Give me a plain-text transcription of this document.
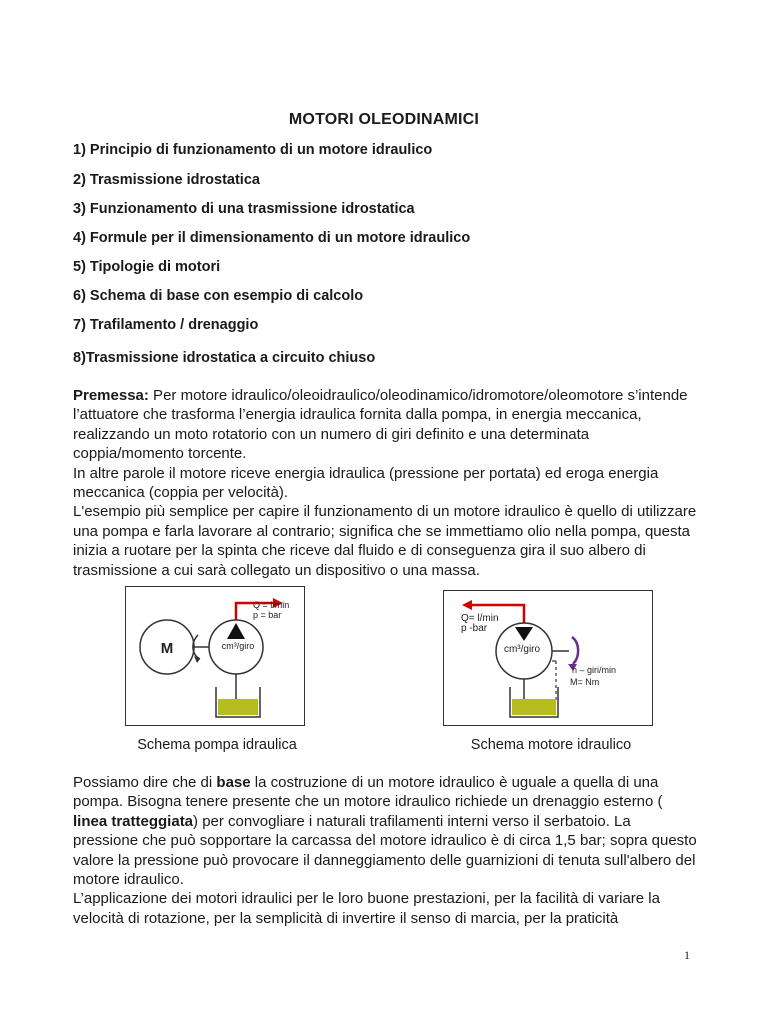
MOTORI OLEODINAMICI
1) Principio di funzionamento di un motore idraulico
2) Trasmissione idrostatica
3) Funzionamento di una trasmissione idrostatica
4) Formule per il dimensionamento di un motore idraulico
5) Tipologie di motori
6) Schema di base con esempio di calcolo
7) Trafilamento / drenaggio
8)Trasmissione idrostatica a circuito chiuso

Premessa: Per motore idraulico/oleoidraulico/oleodinamico/idromotore/oleomotore s’intende l’attuatore che trasforma l’energia idraulica fornita dalla pompa, in energia meccanica, realizzando un moto rotatorio con un numero di giri definito e una determinata coppia/momento torcente.

In altre parole il motore riceve energia idraulica (pressione per portata) ed eroga energia meccanica (coppia per velocità).

L'esempio più semplice per capire il funzionamento di un motore idraulico è quello di utilizzare una pompa e farla lavorare al contrario; significa che se immettiamo olio nella pompa, questa inizia a ruotare per la spinta che riceve dal fluido e di conseguenza gira il suo albero di trasmissione a cui sarà collegato un dispositivo o una massa.

M	cm³/giro
Q = l/min
p = bar	Q= l/min
p -bar
cm³/giro
n – giri/min
M= Nm
Schema pompa idraulica	Schema motore idraulico

Possiamo dire che di base la costruzione di un motore idraulico è uguale a quella di una pompa. Bisogna tenere presente che un motore idraulico richiede un drenaggio esterno ( linea tratteggiata) per convogliare i naturali trafilamenti interni verso il serbatoio. La pressione che può sopportare la carcassa del motore idraulico è di circa 1,5 bar; sopra questo valore la pressione può provocare il danneggiamento delle guarnizioni di tenuta sull'albero del motore idraulico.

L’applicazione dei motori idraulici per le loro buone prestazioni, per la facilità di variare la velocità di rotazione, per la semplicità di invertire il senso di marcia, per la praticità

1
